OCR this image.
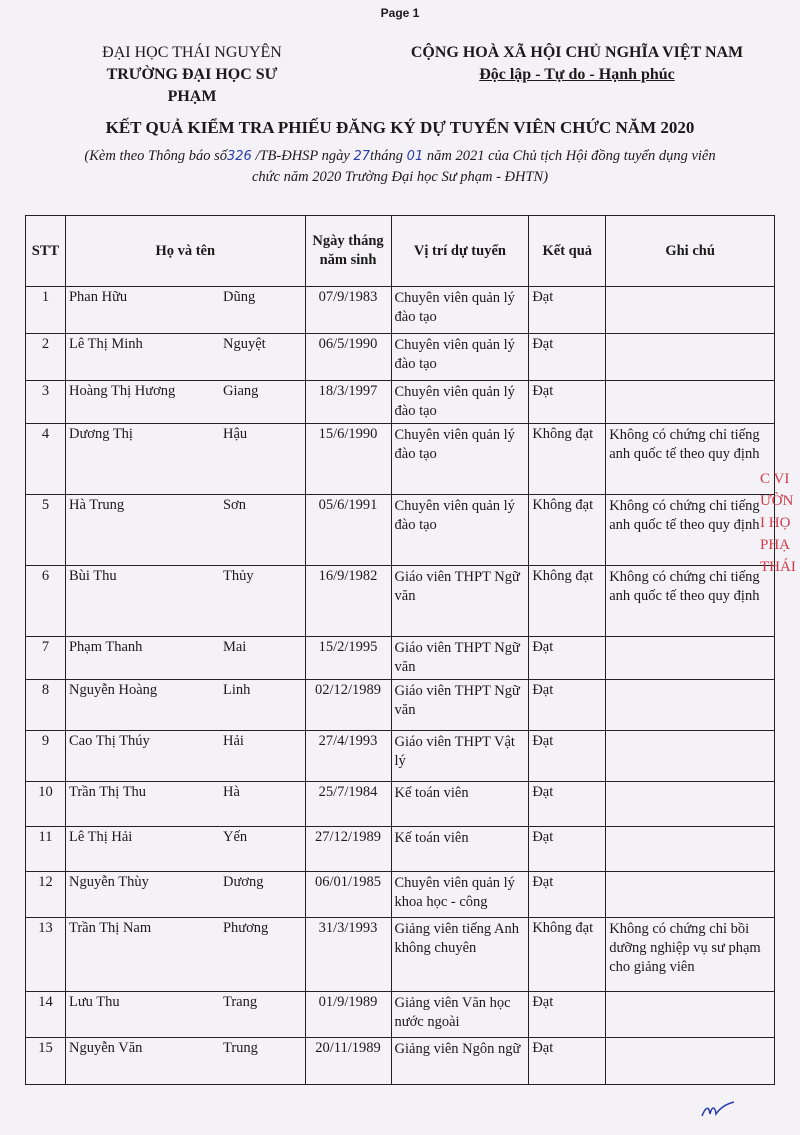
Page 1
ĐẠI HỌC THÁI NGUYÊN
TRƯỜNG ĐẠI HỌC SƯ PHẠM
CỘNG HOÀ XÃ HỘI CHỦ NGHĨA VIỆT NAM
Độc lập - Tự do - Hạnh phúc
KẾT QUẢ KIỂM TRA PHIẾU ĐĂNG KÝ DỰ TUYỂN VIÊN CHỨC NĂM 2020
(Kèm theo Thông báo số326 /TB-ĐHSP ngày 27tháng 01 năm 2021 của Chủ tịch Hội đồng tuyển dụng viên
chức năm 2020 Trường Đại học Sư phạm - ĐHTN)
STT	Họ và tên	Ngày tháng năm sinh	Vị trí dự tuyển	Kết quả	Ghi chú
1	Phan Hữu Dũng	07/9/1983	Chuyên viên quản lý đào tạo	Đạt	
2	Lê Thị Minh Nguyệt	06/5/1990	Chuyên viên quản lý đào tạo	Đạt	
3	Hoàng Thị Hương Giang	18/3/1997	Chuyên viên quản lý đào tạo	Đạt	
4	Dương Thị Hậu	15/6/1990	Chuyên viên quản lý đào tạo	Không đạt	Không có chứng chỉ tiếng anh quốc tế theo quy định
5	Hà Trung Sơn	05/6/1991	Chuyên viên quản lý đào tạo	Không đạt	Không có chứng chỉ tiếng anh quốc tế theo quy định
6	Bùi Thu Thủy	16/9/1982	Giáo viên THPT Ngữ văn	Không đạt	Không có chứng chỉ tiếng anh quốc tế theo quy định
7	Phạm Thanh Mai	15/2/1995	Giáo viên THPT Ngữ văn	Đạt	
8	Nguyễn Hoàng Linh	02/12/1989	Giáo viên THPT Ngữ văn	Đạt	
9	Cao Thị Thúy Hải	27/4/1993	Giáo viên THPT Vật lý	Đạt	
10	Trần Thị Thu Hà	25/7/1984	Kế toán viên	Đạt	
11	Lê Thị Hải Yến	27/12/1989	Kế toán viên	Đạt	
12	Nguyễn Thùy Dương	06/01/1985	Chuyên viên quản lý khoa học - công	Đạt	
13	Trần Thị Nam Phương	31/3/1993	Giảng viên tiếng Anh không chuyên	Không đạt	Không có chứng chỉ bồi dưỡng nghiệp vụ sư phạm cho giảng viên
14	Lưu Thu Trang	01/9/1989	Giảng viên Văn học nước ngoài	Đạt	
15	Nguyễn Văn Trung	20/11/1989	Giảng viên Ngôn ngữ	Đạt	
C VI
ƯỜN
I HỌ
PHẠ
THÁI
